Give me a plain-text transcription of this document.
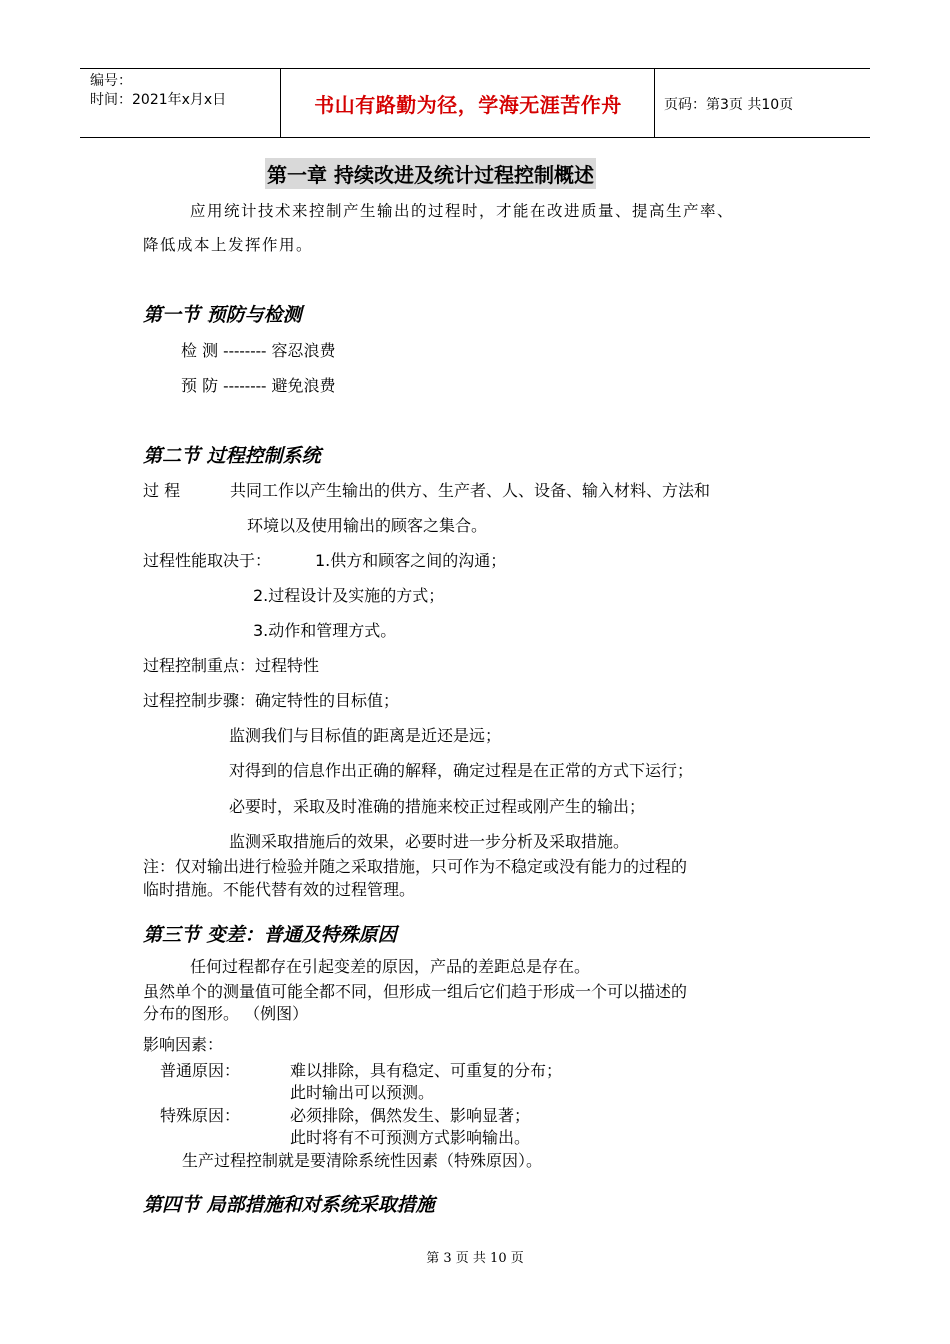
编号：
时间：2021年x月x日	书山有路勤为径，学海无涯苦作舟	页码：第3页 共10页
第一章 持续改进及统计过程控制概述
应用统计技术来控制产生输出的过程时，才能在改进质量、提高生产率、
降低成本上发挥作用。
第一节 预防与检测
检 测 -------- 容忍浪费
预 防 -------- 避免浪费
第二节 过程控制系统
过 程	共同工作以产生输出的供方、生产者、人、设备、输入材料、方法和
环境以及使用输出的顾客之集合。
过程性能取决于：	1.供方和顾客之间的沟通；
2.过程设计及实施的方式；
3.动作和管理方式。
过程控制重点：过程特性
过程控制步骤：确定特性的目标值；
监测我们与目标值的距离是近还是远；
对得到的信息作出正确的解释，确定过程是在正常的方式下运行；
必要时，采取及时准确的措施来校正过程或刚产生的输出；
监测采取措施后的效果，必要时进一步分析及采取措施。
注：仅对输出进行检验并随之采取措施，只可作为不稳定或没有能力的过程的
临时措施。不能代替有效的过程管理。
第三节 变差：普通及特殊原因
任何过程都存在引起变差的原因，产品的差距总是存在。
虽然单个的测量值可能全都不同，但形成一组后它们趋于形成一个可以描述的
分布的图形。 （例图）
影响因素：
普通原因：	难以排除，具有稳定、可重复的分布；
此时输出可以预测。
特殊原因：	必须排除，偶然发生、影响显著；
此时将有不可预测方式影响输出。
生产过程控制就是要清除系统性因素（特殊原因）。
第四节 局部措施和对系统采取措施
第 3 页 共 10 页
